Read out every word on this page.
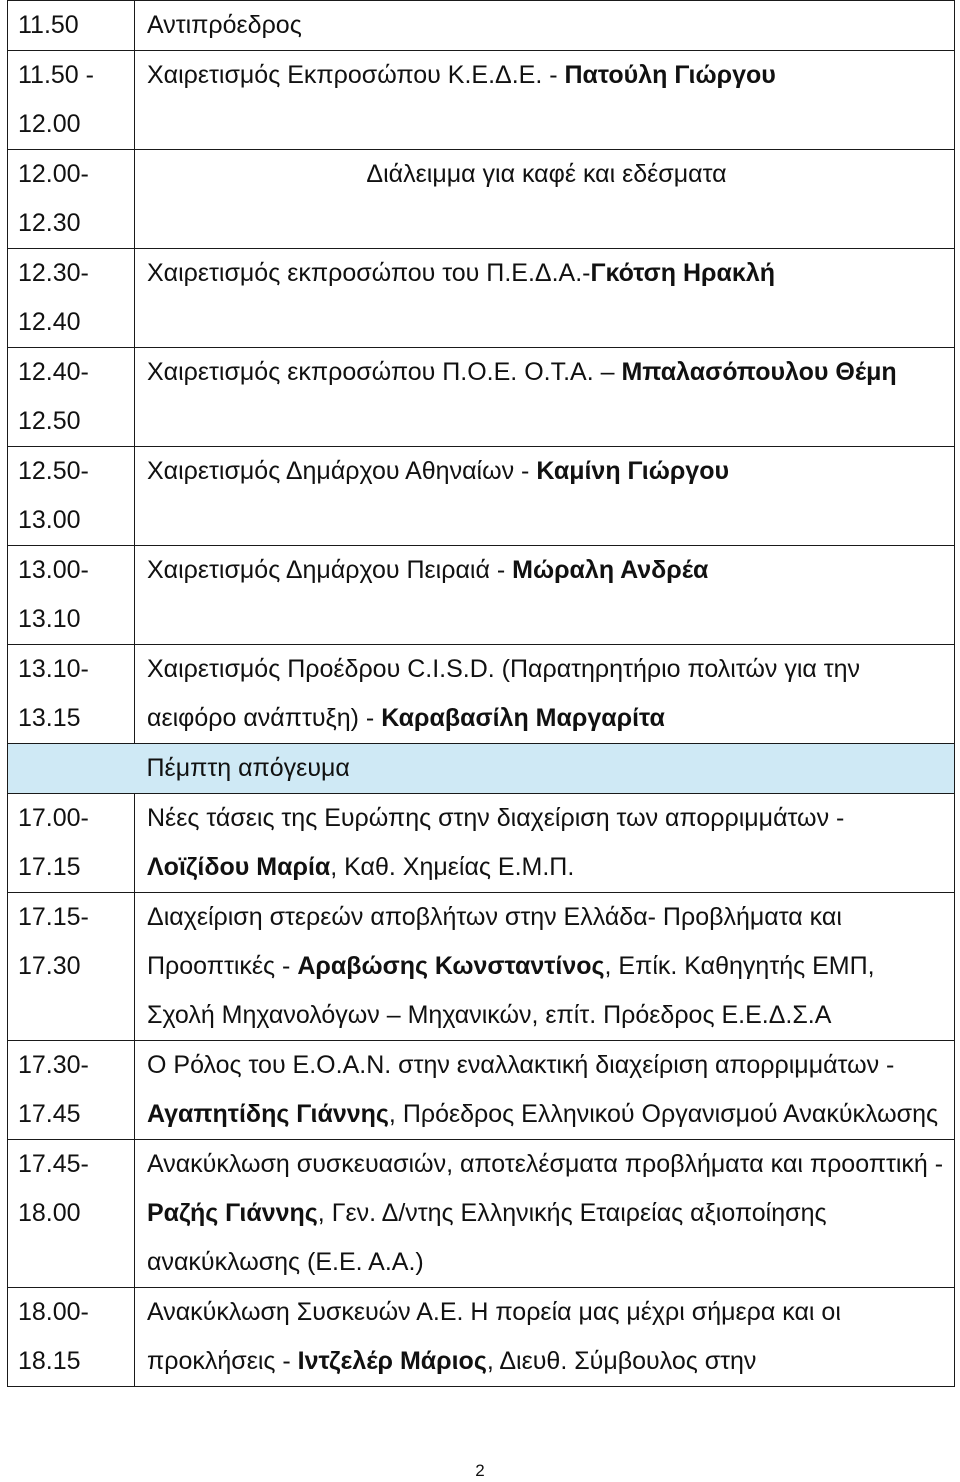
11.50	Αντιπρόεδρος
11.50 - 12.00	Χαιρετισμός Εκπροσώπου Κ.Ε.Δ.Ε. - Πατούλη Γιώργου
12.00- 12.30	Διάλειμμα για καφέ και εδέσματα
12.30- 12.40	Χαιρετισμός εκπροσώπου του Π.Ε.Δ.Α.-Γκότση Ηρακλή
12.40- 12.50	Χαιρετισμός εκπροσώπου Π.Ο.Ε. Ο.Τ.Α. – Μπαλασόπουλου Θέμη
12.50- 13.00	Χαιρετισμός Δημάρχου Αθηναίων - Καμίνη Γιώργου
13.00- 13.10	Χαιρετισμός Δημάρχου Πειραιά - Μώραλη Ανδρέα
13.10- 13.15	Χαιρετισμός Προέδρου C.I.S.D. (Παρατηρητήριο πολιτών για την αειφόρο ανάπτυξη) - Καραβασίλη Μαργαρίτα
	Πέμπτη απόγευμα
17.00- 17.15	Νέες τάσεις της Ευρώπης στην διαχείριση των απορριμμάτων - Λοϊζίδου Μαρία, Καθ. Χημείας Ε.Μ.Π.
17.15- 17.30	Διαχείριση στερεών αποβλήτων στην Ελλάδα- Προβλήματα και Προοπτικές - Αραβώσης Κωνσταντίνος, Επίκ. Καθηγητής ΕΜΠ, Σχολή Μηχανολόγων – Μηχανικών, επίτ. Πρόεδρος Ε.Ε.Δ.Σ.Α
17.30- 17.45	Ο Ρόλος του Ε.Ο.Α.Ν. στην εναλλακτική διαχείριση απορριμμάτων - Αγαπητίδης Γιάννης, Πρόεδρος Ελληνικού Οργανισμού Ανακύκλωσης
17.45- 18.00	Ανακύκλωση συσκευασιών, αποτελέσματα προβλήματα και προοπτική - Ραζής Γιάννης, Γεν. Δ/ντης Ελληνικής Εταιρείας αξιοποίησης ανακύκλωσης (Ε.Ε. Α.Α.)
18.00- 18.15	Ανακύκλωση Συσκευών Α.Ε. Η πορεία μας μέχρι σήμερα και οι προκλήσεις - Ιντζελέρ Μάριος, Διευθ. Σύμβουλος στην
2
